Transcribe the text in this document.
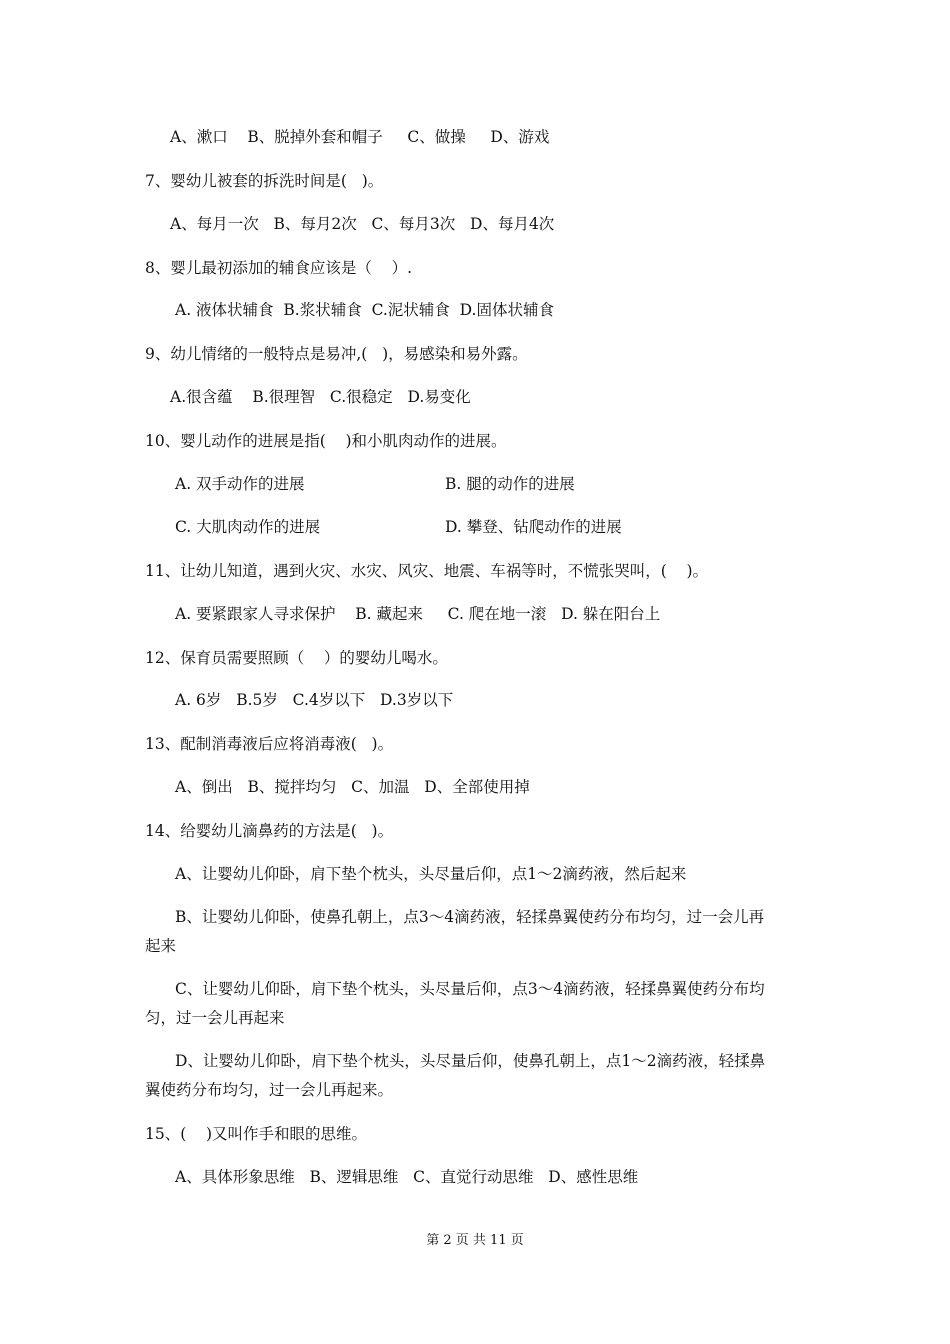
A、漱口    B、脱掉外套和帽子     C、做操     D、游戏
7、婴幼儿被套的拆洗时间是(   )。
A、每月一次   B、每月2次   C、每月3次   D、每月4次
8、婴儿最初添加的辅食应该是（    ）.
A. 液体状辅食  B.浆状辅食  C.泥状辅食  D.固体状辅食
9、幼儿情绪的一般特点是易冲,(   )，易感染和易外露。
A.很含蕴    B.很理智   C.很稳定   D.易变化
10、婴儿动作的进展是指(    )和小肌肉动作的进展。
A. 双手动作的进展	B. 腿的动作的进展
C. 大肌肉动作的进展	D. 攀登、钻爬动作的进展
11、让幼儿知道，遇到火灾、水灾、风灾、地震、车祸等时，不慌张哭叫，(    )。
A. 要紧跟家人寻求保护    B. 藏起来     C. 爬在地一滚   D. 躲在阳台上
12、保育员需要照顾（    ）的婴幼儿喝水。
A. 6岁   B.5岁   C.4岁以下   D.3岁以下
13、配制消毒液后应将消毒液(   )。
A、倒出   B、搅拌均匀   C、加温   D、全部使用掉
14、给婴幼儿滴鼻药的方法是(   )。
A、让婴幼儿仰卧，肩下垫个枕头，头尽量后仰，点1～2滴药液，然后起来
B、让婴幼儿仰卧，使鼻孔朝上，点3～4滴药液，轻揉鼻翼使药分布均匀，过一会儿再
起来
C、让婴幼儿仰卧，肩下垫个枕头，头尽量后仰，点3～4滴药液，轻揉鼻翼使药分布均
匀，过一会儿再起来
D、让婴幼儿仰卧，肩下垫个枕头，头尽量后仰，使鼻孔朝上，点1～2滴药液，轻揉鼻
翼使药分布均匀，过一会儿再起来。
15、(    )又叫作手和眼的思维。
A、具体形象思维   B、逻辑思维   C、直觉行动思维   D、感性思维
第 2 页 共 11 页
